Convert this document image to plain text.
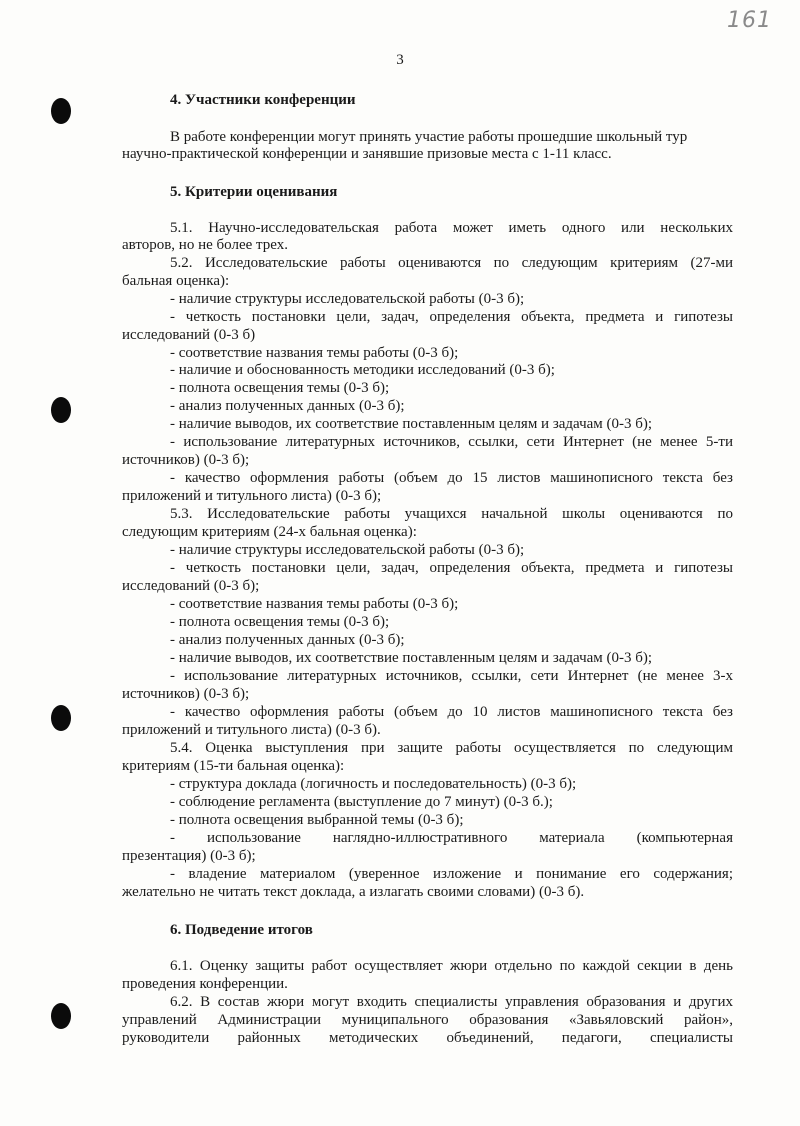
161
3
4. Участники конференции
В работе конференции могут принять участие работы прошедшие школьный тур
научно-практической конференции и занявшие призовые места с 1-11 класс.
5. Критерии оценивания
5.1. Научно-исследовательская работа может иметь одного или нескольких
авторов, но не более трех.
5.2. Исследовательские работы оцениваются по следующим критериям (27-ми
бальная оценка):
- наличие структуры исследовательской работы (0-3 б);
- четкость постановки цели, задач, определения объекта, предмета и гипотезы
исследований (0-3 б)
- соответствие названия темы работы (0-3 б);
- наличие и обоснованность методики исследований (0-3 б);
- полнота освещения темы (0-3 б);
- анализ полученных данных (0-3 б);
- наличие выводов, их соответствие поставленным целям и задачам (0-3 б);
- использование литературных источников, ссылки, сети Интернет (не менее 5-ти
источников) (0-3 б);
- качество оформления работы (объем до 15 листов машинописного текста без
приложений и титульного листа) (0-3 б);
5.3. Исследовательские работы учащихся начальной школы оцениваются по
следующим критериям (24-х бальная оценка):
- наличие структуры исследовательской работы (0-3 б);
- четкость постановки цели, задач, определения объекта, предмета и гипотезы
исследований (0-3 б);
- соответствие названия темы работы (0-3 б);
- полнота освещения темы (0-3 б);
- анализ полученных данных (0-3 б);
- наличие выводов, их соответствие поставленным целям и задачам (0-3 б);
- использование литературных источников, ссылки, сети Интернет (не менее 3-х
источников) (0-3 б);
- качество оформления работы (объем до 10 листов машинописного текста без
приложений и титульного листа) (0-3 б).
5.4. Оценка выступления при защите работы осуществляется по следующим
критериям (15-ти бальная оценка):
- структура доклада (логичность и последовательность) (0-3 б);
- соблюдение регламента (выступление до 7 минут) (0-3 б.);
- полнота освещения выбранной темы (0-3 б);
- использование наглядно-иллюстративного материала (компьютерная
презентация) (0-3 б);
- владение материалом (уверенное изложение и понимание его содержания;
желательно не читать текст доклада, а излагать своими словами) (0-3 б).
6. Подведение итогов
6.1. Оценку защиты работ осуществляет жюри отдельно по каждой секции в день
проведения конференции.
6.2. В состав жюри могут входить специалисты управления образования и других
управлений Администрации муниципального образования «Завьяловский район»,
руководители районных методических объединений, педагоги, специалисты
